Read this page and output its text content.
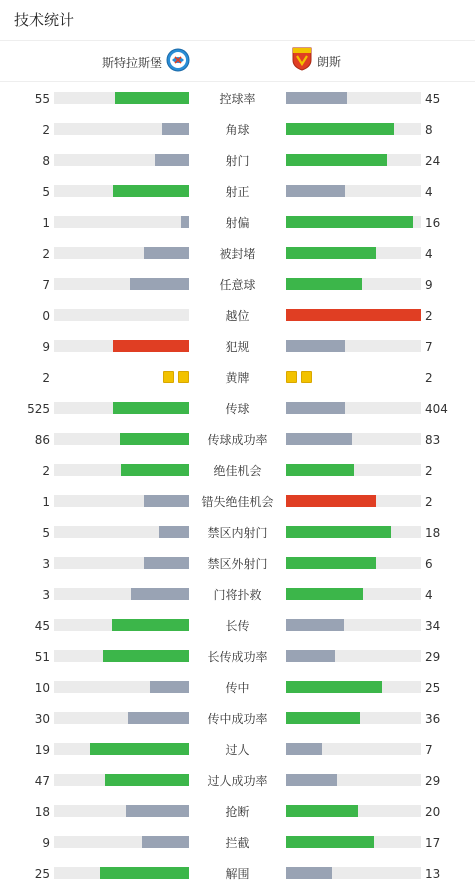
技术统计
斯特拉斯堡	朗斯
55	控球率	45
2	角球	8
8	射门	24
5	射正	4
1	射偏	16
2	被封堵	4
7	任意球	9
0	越位	2
9	犯规	7
2	黄牌	2
525	传球	404
86	传球成功率	83
2	绝佳机会	2
1	错失绝佳机会	2
5	禁区内射门	18
3	禁区外射门	6
3	门将扑救	4
45	长传	34
51	长传成功率	29
10	传中	25
30	传中成功率	36
19	过人	7
47	过人成功率	29
18	抢断	20
9	拦截	17
25	解围	13
